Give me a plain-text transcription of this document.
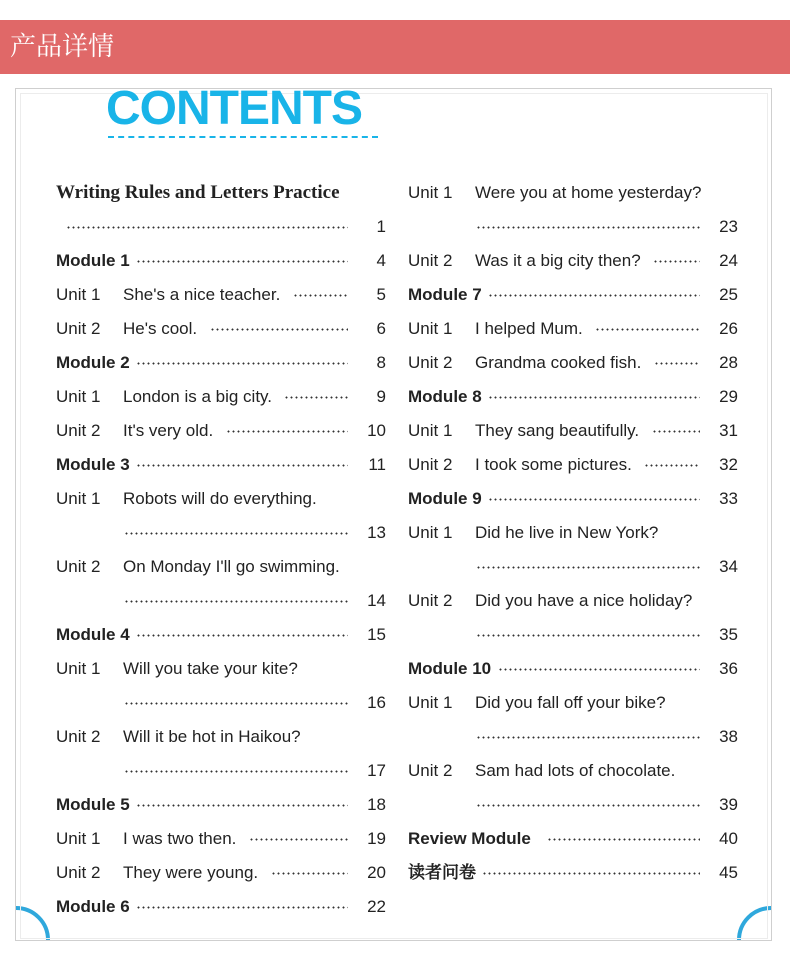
产品详情
CONTENTS
Writing Rules and Letters Practice
1
Module 1	4
Unit 1 She's a nice teacher.	5
Unit 2 He's cool.	6
Module 2	8
Unit 1 London is a big city.	9
Unit 2 It's very old.	10
Module 3	11
Unit 1 Robots will do everything.
13
Unit 2 On Monday I'll go swimming.
14
Module 4	15
Unit 1 Will you take your kite?
16
Unit 2 Will it be hot in Haikou?
17
Module 5	18
Unit 1 I was two then.	19
Unit 2 They were young.	20
Module 6	22
Unit 1 Were you at home yesterday?
23
Unit 2 Was it a big city then?	24
Module 7	25
Unit 1 I helped Mum.	26
Unit 2 Grandma cooked fish.	28
Module 8	29
Unit 1 They sang beautifully.	31
Unit 2 I took some pictures.	32
Module 9	33
Unit 1 Did he live in New York?
34
Unit 2 Did you have a nice holiday?
35
Module 10	36
Unit 1 Did you fall off your bike?
38
Unit 2 Sam had lots of chocolate.
39
Review Module	40
读者问卷	45
